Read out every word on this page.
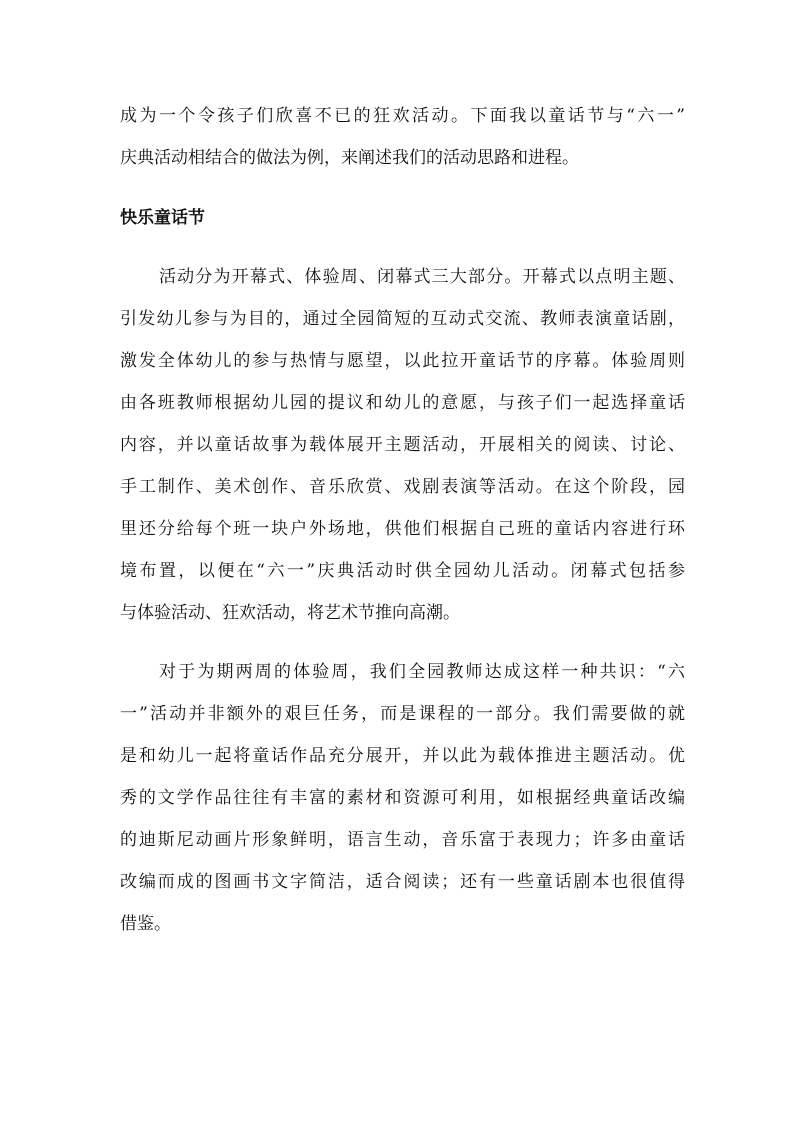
成为一个令孩子们欣喜不已的狂欢活动。下面我以童话节与“六一”
庆典活动相结合的做法为例，来阐述我们的活动思路和进程。
快乐童话节
活动分为开幕式、体验周、闭幕式三大部分。开幕式以点明主题、
引发幼儿参与为目的，通过全园简短的互动式交流、教师表演童话剧，
激发全体幼儿的参与热情与愿望，以此拉开童话节的序幕。体验周则
由各班教师根据幼儿园的提议和幼儿的意愿，与孩子们一起选择童话
内容，并以童话故事为载体展开主题活动，开展相关的阅读、讨论、
手工制作、美术创作、音乐欣赏、戏剧表演等活动。在这个阶段，园
里还分给每个班一块户外场地，供他们根据自己班的童话内容进行环
境布置，以便在“六一”庆典活动时供全园幼儿活动。闭幕式包括参
与体验活动、狂欢活动，将艺术节推向高潮。
对于为期两周的体验周，我们全园教师达成这样一种共识：“六
一”活动并非额外的艰巨任务，而是课程的一部分。我们需要做的就
是和幼儿一起将童话作品充分展开，并以此为载体推进主题活动。优
秀的文学作品往往有丰富的素材和资源可利用，如根据经典童话改编
的迪斯尼动画片形象鲜明，语言生动，音乐富于表现力；许多由童话
改编而成的图画书文字简洁，适合阅读；还有一些童话剧本也很值得
借鉴。
